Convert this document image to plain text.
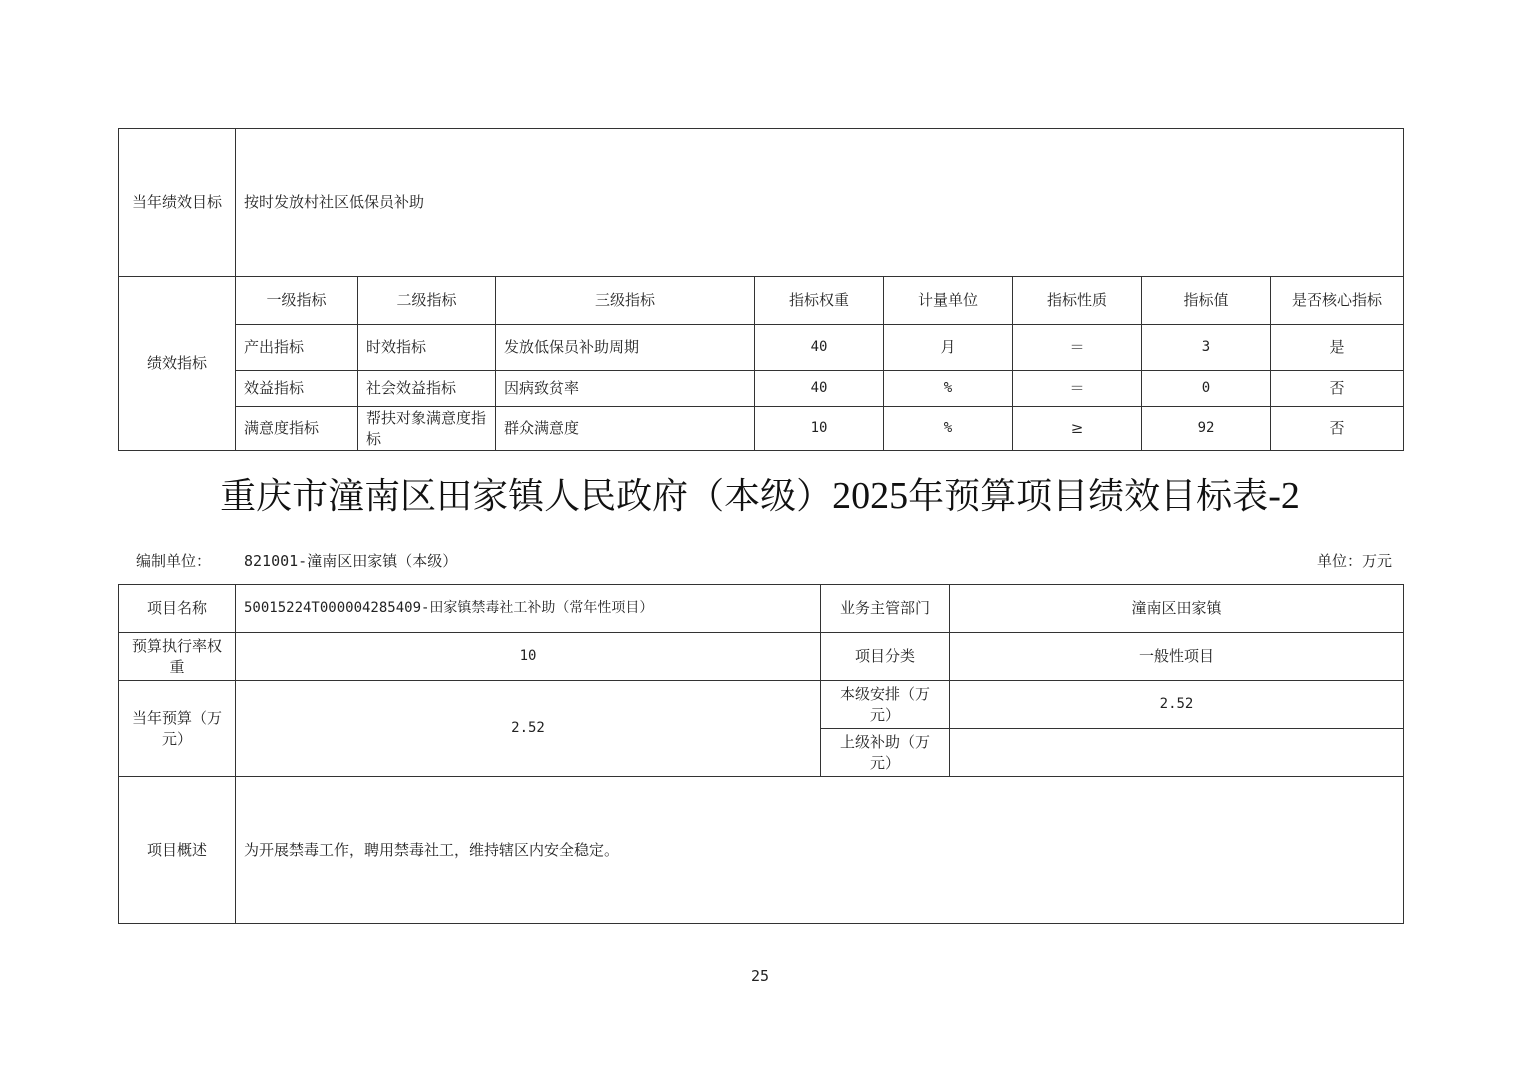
当年绩效目标	按时发放村社区低保员补助							
绩效指标	一级指标	二级指标	三级指标	指标权重	计量单位	指标性质	指标值	是否核心指标
	产出指标	时效指标	发放低保员补助周期	40	月	＝	3	是
	效益指标	社会效益指标	因病致贫率	40	%	＝	0	否
	满意度指标	帮扶对象满意度指标	群众满意度	10	%	≥	92	否
重庆市潼南区田家镇人民政府（本级）2025年预算项目绩效目标表-2
编制单位： 821001-潼南区田家镇（本级）	单位：万元
项目名称	50015224T000004285409-田家镇禁毒社工补助（常年性项目）	业务主管部门	潼南区田家镇
预算执行率权重	10	项目分类	一般性项目
当年预算（万元）	2.52	本级安排（万元）	2.52
		上级补助（万元）	
项目概述	为开展禁毒工作，聘用禁毒社工，维持辖区内安全稳定。		
25
